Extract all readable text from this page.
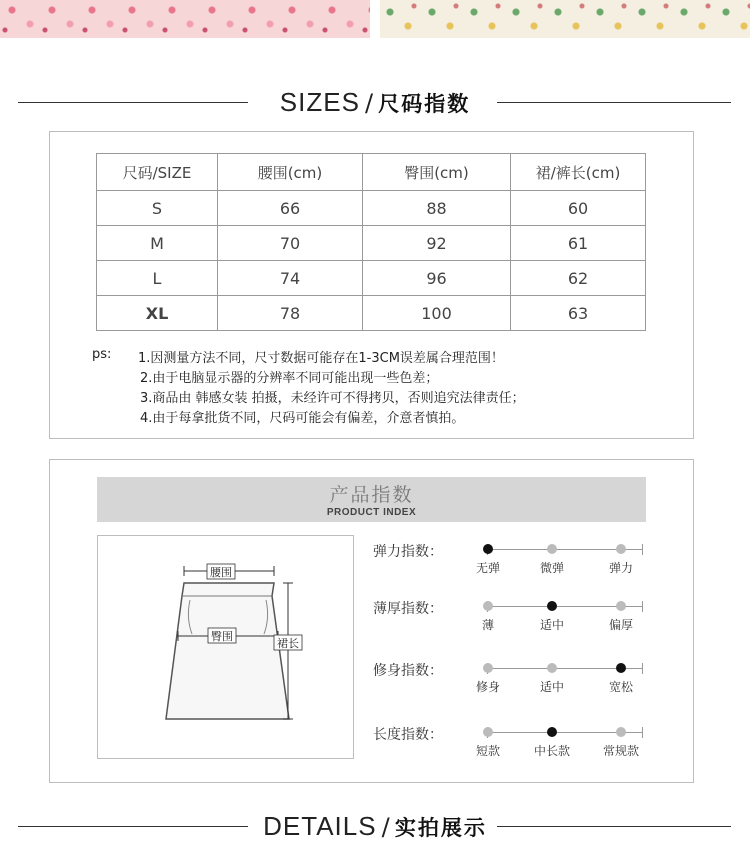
SIZES / 尺码指数
尺码/SIZE	腰围(cm)	臀围(cm)	裙/裤长(cm)
S	66	88	60
M	70	92	61
L	74	96	62
XL	78	100	63
ps: 1.因测量方法不同，尺寸数据可能存在1-3CM误差属合理范围！
2.由于电脑显示器的分辨率不同可能出现一些色差；
3.商品由 韩感女装 拍摄，未经许可不得拷贝，否则追究法律责任；
4.由于每拿批货不同，尺码可能会有偏差，介意者慎拍。
产品指数
PRODUCT INDEX
腰围
臀围
裙长
弹力指数：
无弹	微弹	弹力
薄厚指数：
薄	适中	偏厚
修身指数：
修身	适中	宽松
长度指数：
短款	中长款	常规款
DETAILS / 实拍展示
